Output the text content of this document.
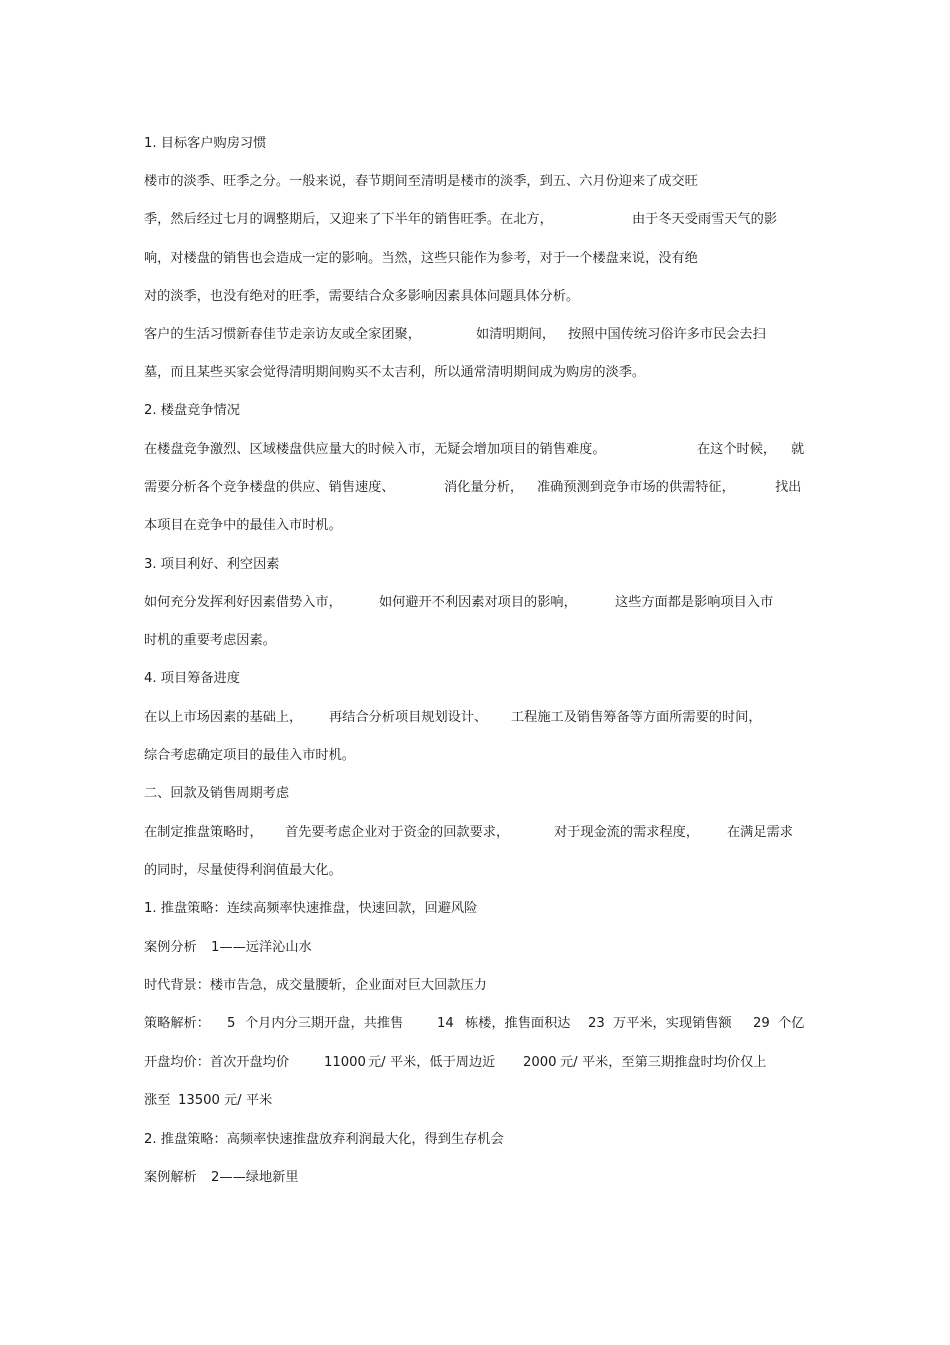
1. 目标客户购房习惯
楼市的淡季、旺季之分。一般来说，春节期间至清明是楼市的淡季，到五、六月份迎来了成交旺
季，然后经过七月的调整期后，又迎来了下半年的销售旺季。在北方，	由于冬天受雨雪天气的影
响，对楼盘的销售也会造成一定的影响。当然，这些只能作为参考，对于一个楼盘来说，没有绝
对的淡季，也没有绝对的旺季，需要结合众多影响因素具体问题具体分析。
客户的生活习惯新春佳节走亲访友或全家团聚，	如清明期间， 按照中国传统习俗许多市民会去扫
墓，而且某些买家会觉得清明期间购买不太吉利，所以通常清明期间成为购房的淡季。
2. 楼盘竞争情况
在楼盘竞争激烈、区域楼盘供应量大的时候入市，无疑会增加项目的销售难度。	在这个时候， 就
需要分析各个竞争楼盘的供应、销售速度、	消化量分析， 准确预测到竞争市场的供需特征，	找出
本项目在竞争中的最佳入市时机。
3. 项目利好、利空因素
如何充分发挥利好因素借势入市，	如何避开不利因素对项目的影响，	这些方面都是影响项目入市
时机的重要考虑因素。
4. 项目筹备进度
在以上市场因素的基础上， 再结合分析项目规划设计、 工程施工及销售筹备等方面所需要的时间，
综合考虑确定项目的最佳入市时机。
二、回款及销售周期考虑
在制定推盘策略时， 首先要考虑企业对于资金的回款要求，	对于现金流的需求程度， 在满足需求
的同时，尽量使得利润值最大化。
1. 推盘策略：连续高频率快速推盘，快速回款，回避风险
案例分析 1——远洋沁山水
时代背景：楼市告急，成交量腰斩，企业面对巨大回款压力
策略解析： 5 个月内分三期开盘，共推售	14 栋楼，推售面积达 23 万平米，实现销售额 29 个亿
开盘均价：首次开盘均价	11000 元/ 平米，低于周边近 2000 元/ 平米，至第三期推盘时均价仅上
涨至 13500 元/ 平米
2. 推盘策略：高频率快速推盘放弃利润最大化，得到生存机会
案例解析 2——绿地新里
